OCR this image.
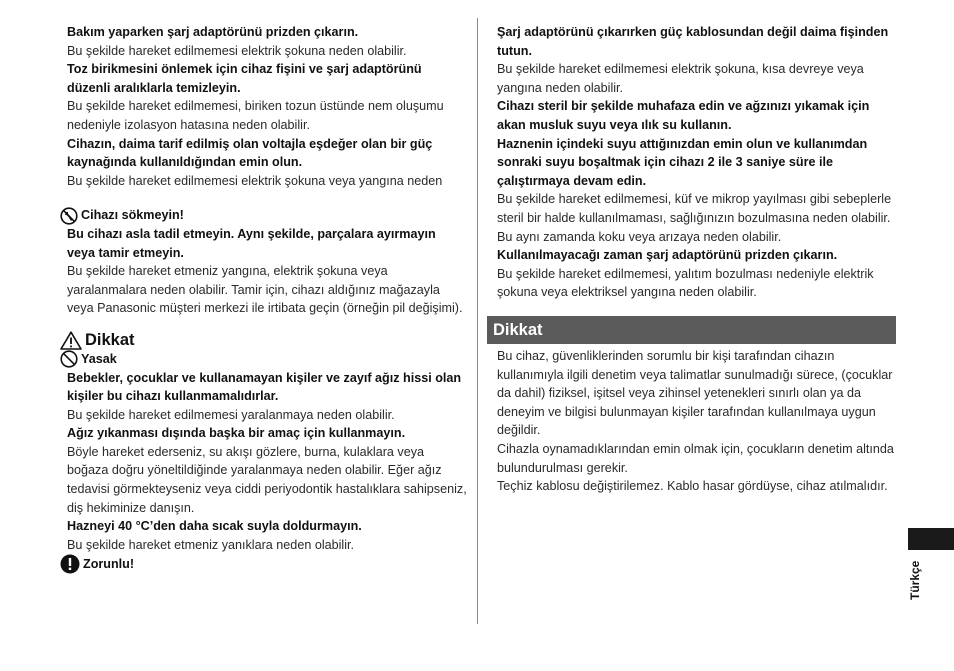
Bakım yaparken şarj adaptörünü prizden çıkarın.

Bu şekilde hareket edilmemesi elektrik şokuna neden olabilir.

Toz birikmesini önlemek için cihaz fişini ve şarj adaptörünü düzenli aralıklarla temizleyin.

Bu şekilde hareket edilmemesi, biriken tozun üstünde nem oluşumu nedeniyle izolasyon hatasına neden olabilir.

Cihazın, daima tarif edilmiş olan voltajla eşdeğer olan bir güç kaynağında kullanıldığından emin olun.

Bu şekilde hareket edilmemesi elektrik şokuna veya yangına neden

Cihazı sökmeyin!

Bu cihazı asla tadil etmeyin. Aynı şekilde, parçalara ayırmayın veya tamir etmeyin.

Bu şekilde hareket etmeniz yangına, elektrik şokuna veya yaralanmalara neden olabilir. Tamir için, cihazı aldığınız mağazayla veya Panasonic müşteri merkezi ile irtibata geçin (örneğin pil değişimi).

Dikkat
Yasak

Bebekler, çocuklar ve kullanamayan kişiler ve zayıf ağız hissi olan kişiler bu cihazı kullanmamalıdırlar.

Bu şekilde hareket edilmemesi yaralanmaya neden olabilir.

Ağız yıkanması dışında başka bir amaç için kullanmayın.

Böyle hareket ederseniz, su akışı gözlere, burna, kulaklara veya boğaza doğru yöneltildiğinde yaralanmaya neden olabilir. Eğer ağız tedavisi görmekteyseniz veya ciddi periyodontik hastalıklara sahipseniz, diş hekiminize danışın.

Hazneyi 40 °C’den daha sıcak suyla doldurmayın.

Bu şekilde hareket etmeniz yanıklara neden olabilir.

Zorunlu!

Şarj adaptörünü çıkarırken güç kablosundan değil daima fişinden tutun.

Bu şekilde hareket edilmemesi elektrik şokuna, kısa devreye veya yangına neden olabilir.

Cihazı steril bir şekilde muhafaza edin ve ağzınızı yıkamak için akan musluk suyu veya ılık su kullanın.

Haznenin içindeki suyu attığınızdan emin olun ve kullanımdan sonraki suyu boşaltmak için cihazı 2 ile 3 saniye süre ile çalıştırmaya devam edin.

Bu şekilde hareket edilmemesi, küf ve mikrop yayılması gibi sebeplerle steril bir halde kullanılmaması, sağlığınızın bozulmasına neden olabilir. Bu aynı zamanda koku veya arızaya neden olabilir.

Kullanılmayacağı zaman şarj adaptörünü prizden çıkarın.

Bu şekilde hareket edilmemesi, yalıtım bozulması nedeniyle elektrik şokuna veya elektriksel yangına neden olabilir.

Dikkat

Bu cihaz, güvenliklerinden sorumlu bir kişi tarafından cihazın kullanımıyla ilgili denetim veya talimatlar sunulmadığı sürece, (çocuklar da dahil) fiziksel, işitsel veya zihinsel yetenekleri sınırlı olan ya da deneyim ve bilgisi bulunmayan kişiler tarafından kullanılmaya uygun değildir.

Cihazla oynamadıklarından emin olmak için, çocukların denetim altında bulundurulması gerekir.

Teçhiz kablosu değiştirilemez. Kablo hasar gördüyse, cihaz atılmalıdır.

Türkçe
